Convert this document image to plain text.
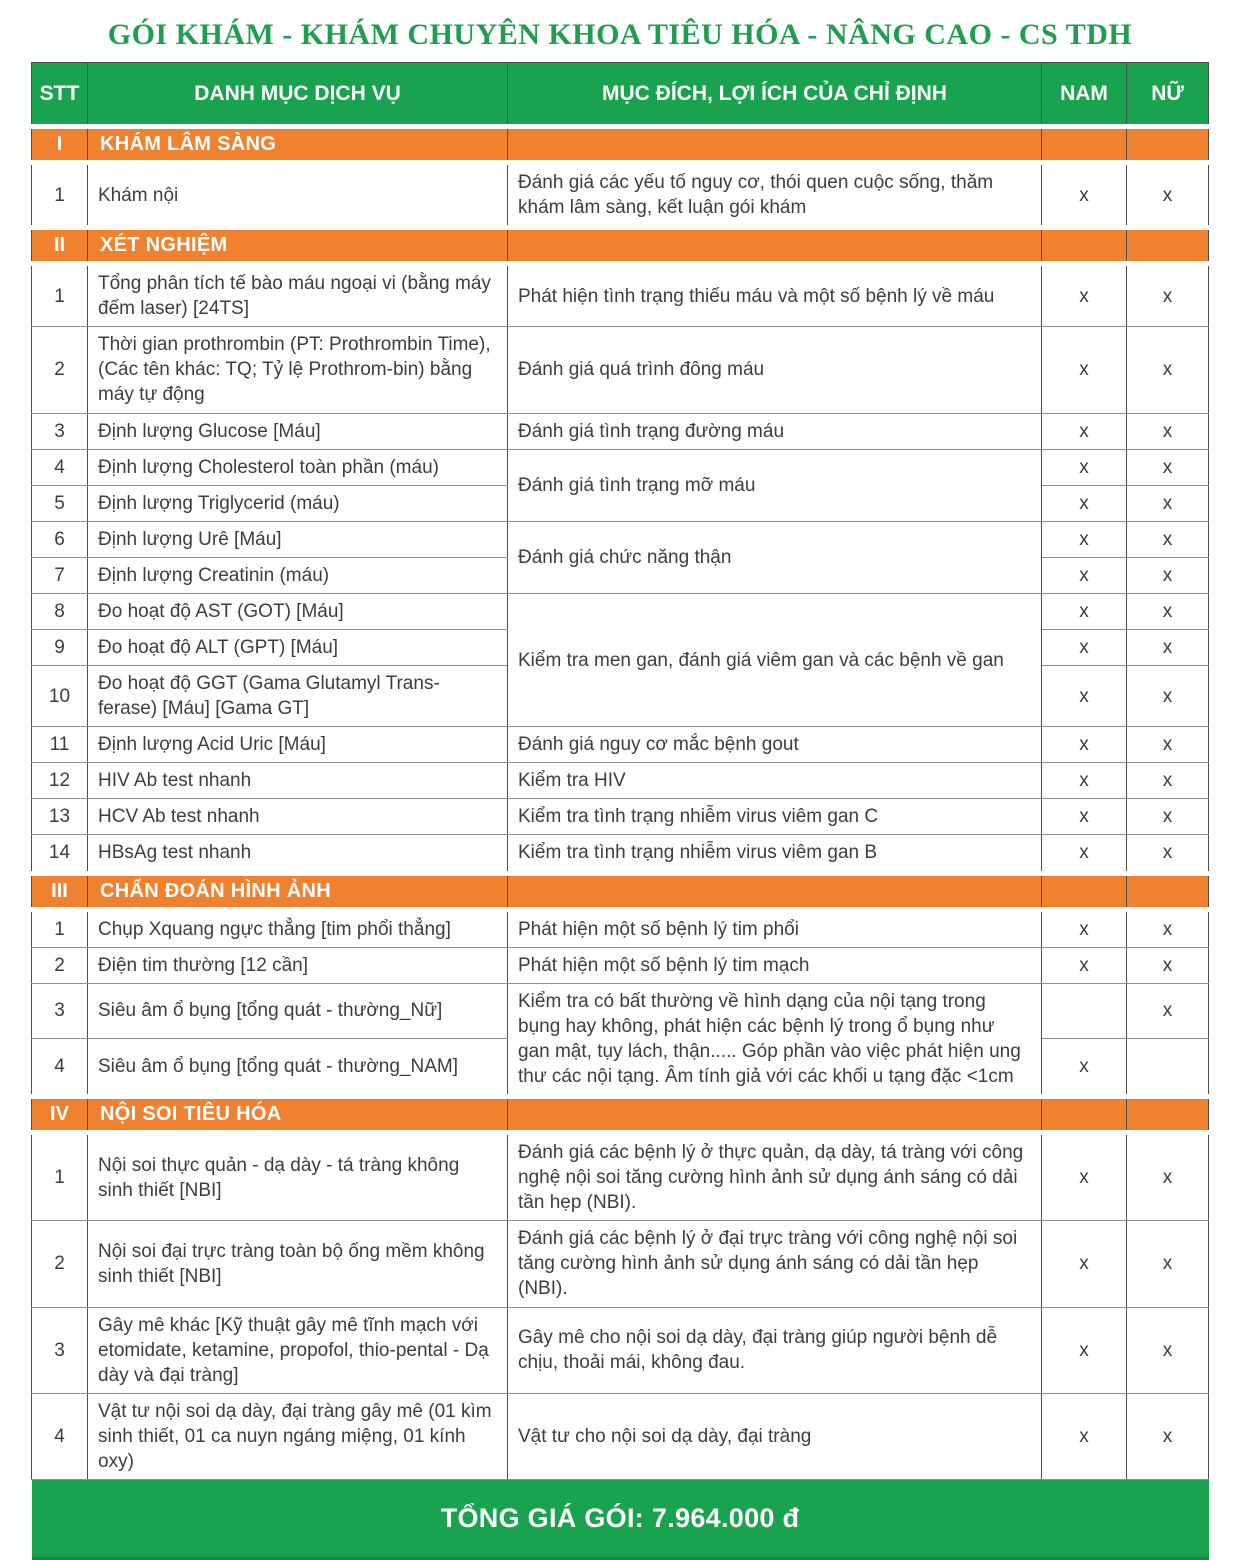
GÓI KHÁM - KHÁM CHUYÊN KHOA TIÊU HÓA - NÂNG CAO - CS TDH
STT	DANH MỤC DỊCH VỤ	MỤC ĐÍCH, LỢI ÍCH CỦA CHỈ ĐỊNH	NAM	NỮ
I	KHÁM LÂM SÀNG			
1	Khám nội	Đánh giá các yếu tố nguy cơ, thói quen cuộc sống, thăm khám lâm sàng, kết luận gói khám	x	x
II	XÉT NGHIỆM			
1	Tổng phân tích tế bào máu ngoại vi (bằng máy đếm laser) [24TS]	Phát hiện tình trạng thiếu máu và một số bệnh lý về máu	x	x
2	Thời gian prothrombin (PT: Prothrombin Time), (Các tên khác: TQ; Tỷ lệ Prothrom-bin) bằng máy tự động	Đánh giá quá trình đông máu	x	x
3	Định lượng Glucose [Máu]	Đánh giá tình trạng đường máu	x	x
4	Định lượng Cholesterol toàn phần (máu)	Đánh giá tình trạng mỡ máu	x	x
5	Định lượng Triglycerid (máu)		x	x
6	Định lượng Urê [Máu]	Đánh giá chức năng thận	x	x
7	Định lượng Creatinin (máu)		x	x
8	Đo hoạt độ AST (GOT) [Máu]	Kiểm tra men gan, đánh giá viêm gan và các bệnh về gan	x	x
9	Đo hoạt độ ALT (GPT) [Máu]		x	x
10	Đo hoạt độ GGT (Gama Glutamyl Trans-ferase) [Máu] [Gama GT]		x	x
11	Định lượng Acid Uric [Máu]	Đánh giá nguy cơ mắc bệnh gout	x	x
12	HIV Ab test nhanh	Kiểm tra HIV	x	x
13	HCV Ab test nhanh	Kiểm tra tình trạng nhiễm virus viêm gan C	x	x
14	HBsAg test nhanh	Kiểm tra tình trạng nhiễm virus viêm gan B	x	x
III	CHẨN ĐOÁN HÌNH ẢNH			
1	Chụp Xquang ngực thẳng [tim phổi thẳng]	Phát hiện một số bệnh lý tim phổi	x	x
2	Điện tim thường [12 cần]	Phát hiện một số bệnh lý tim mạch	x	x
3	Siêu âm ổ bụng [tổng quát - thường_Nữ]	Kiểm tra có bất thường về hình dạng của nội tạng trong bụng hay không, phát hiện các bệnh lý trong ổ bụng như gan mật, tụy lách, thận..... Góp phần vào việc phát hiện ung thư các nội tạng. Âm tính giả với các khối u tạng đặc <1cm		x
4	Siêu âm ổ bụng [tổng quát - thường_NAM]		x	
IV	NỘI SOI TIÊU HÓA			
1	Nội soi thực quản - dạ dày - tá tràng không sinh thiết [NBI]	Đánh giá các bệnh lý ở thực quản, dạ dày, tá tràng với công nghệ nội soi tăng cường hình ảnh sử dụng ánh sáng có dải tần hẹp (NBI).	x	x
2	Nội soi đại trực tràng toàn bộ ống mềm không sinh thiết [NBI]	Đánh giá các bệnh lý ở đại trực tràng với công nghệ nội soi tăng cường hình ảnh sử dụng ánh sáng có dải tần hẹp (NBI).	x	x
3	Gây mê khác [Kỹ thuật gây mê tĩnh mạch với etomidate, ketamine, propofol, thio-pental - Dạ dày và đại tràng]	Gây mê cho nội soi dạ dày, đại tràng giúp người bệnh dễ chịu, thoải mái, không đau.	x	x
4	Vật tư nội soi dạ dày, đại tràng gây mê (01 kìm sinh thiết, 01 ca nuyn ngáng miệng, 01 kính oxy)	Vật tư cho nội soi dạ dày, đại tràng	x	x
TỔNG GIÁ GÓI: 7.964.000 đ
